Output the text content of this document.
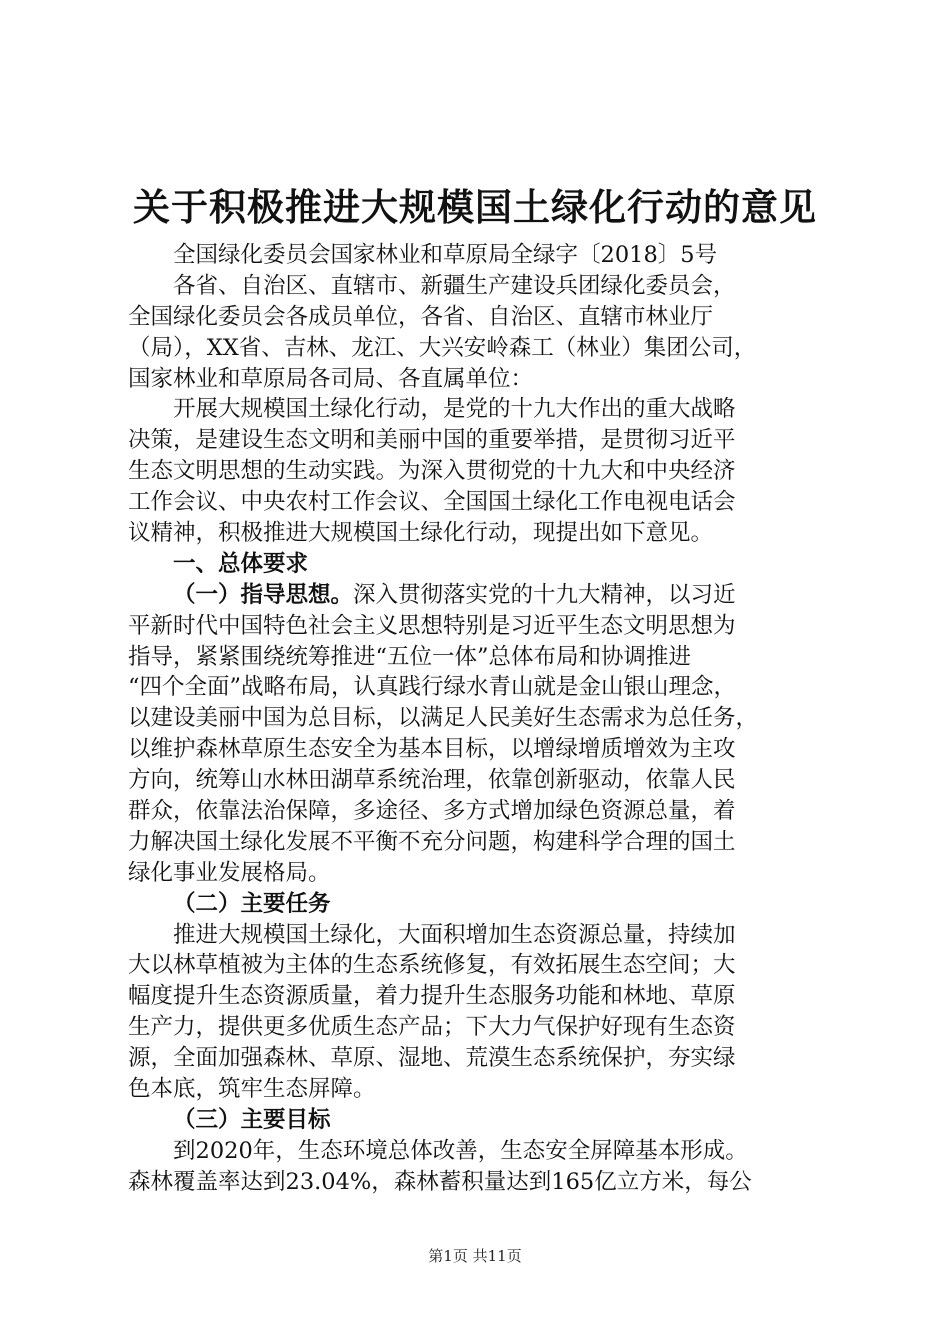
关于积极推进大规模国土绿化行动的意见
全国绿化委员会国家林业和草原局全绿字〔2018〕5号
各省、自治区、直辖市、新疆生产建设兵团绿化委员会，
全国绿化委员会各成员单位，各省、自治区、直辖市林业厅
（局），XX省、吉林、龙江、大兴安岭森工（林业）集团公司，
国家林业和草原局各司局、各直属单位：
开展大规模国土绿化行动，是党的十九大作出的重大战略
决策，是建设生态文明和美丽中国的重要举措，是贯彻习近平
生态文明思想的生动实践。为深入贯彻党的十九大和中央经济
工作会议、中央农村工作会议、全国国土绿化工作电视电话会
议精神，积极推进大规模国土绿化行动，现提出如下意见。
一、总体要求
（一）指导思想。深入贯彻落实党的十九大精神，以习近
平新时代中国特色社会主义思想特别是习近平生态文明思想为
指导，紧紧围绕统筹推进“五位一体”总体布局和协调推进
“四个全面”战略布局，认真践行绿水青山就是金山银山理念，
以建设美丽中国为总目标，以满足人民美好生态需求为总任务，
以维护森林草原生态安全为基本目标，以增绿增质增效为主攻
方向，统筹山水林田湖草系统治理，依靠创新驱动，依靠人民
群众，依靠法治保障，多途径、多方式增加绿色资源总量，着
力解决国土绿化发展不平衡不充分问题，构建科学合理的国土
绿化事业发展格局。
（二）主要任务
推进大规模国土绿化，大面积增加生态资源总量，持续加
大以林草植被为主体的生态系统修复，有效拓展生态空间；大
幅度提升生态资源质量，着力提升生态服务功能和林地、草原
生产力，提供更多优质生态产品；下大力气保护好现有生态资
源，全面加强森林、草原、湿地、荒漠生态系统保护，夯实绿
色本底，筑牢生态屏障。
（三）主要目标
到2020年，生态环境总体改善，生态安全屏障基本形成。
森林覆盖率达到23.04%，森林蓄积量达到165亿立方米，每公
第1页 共11页
